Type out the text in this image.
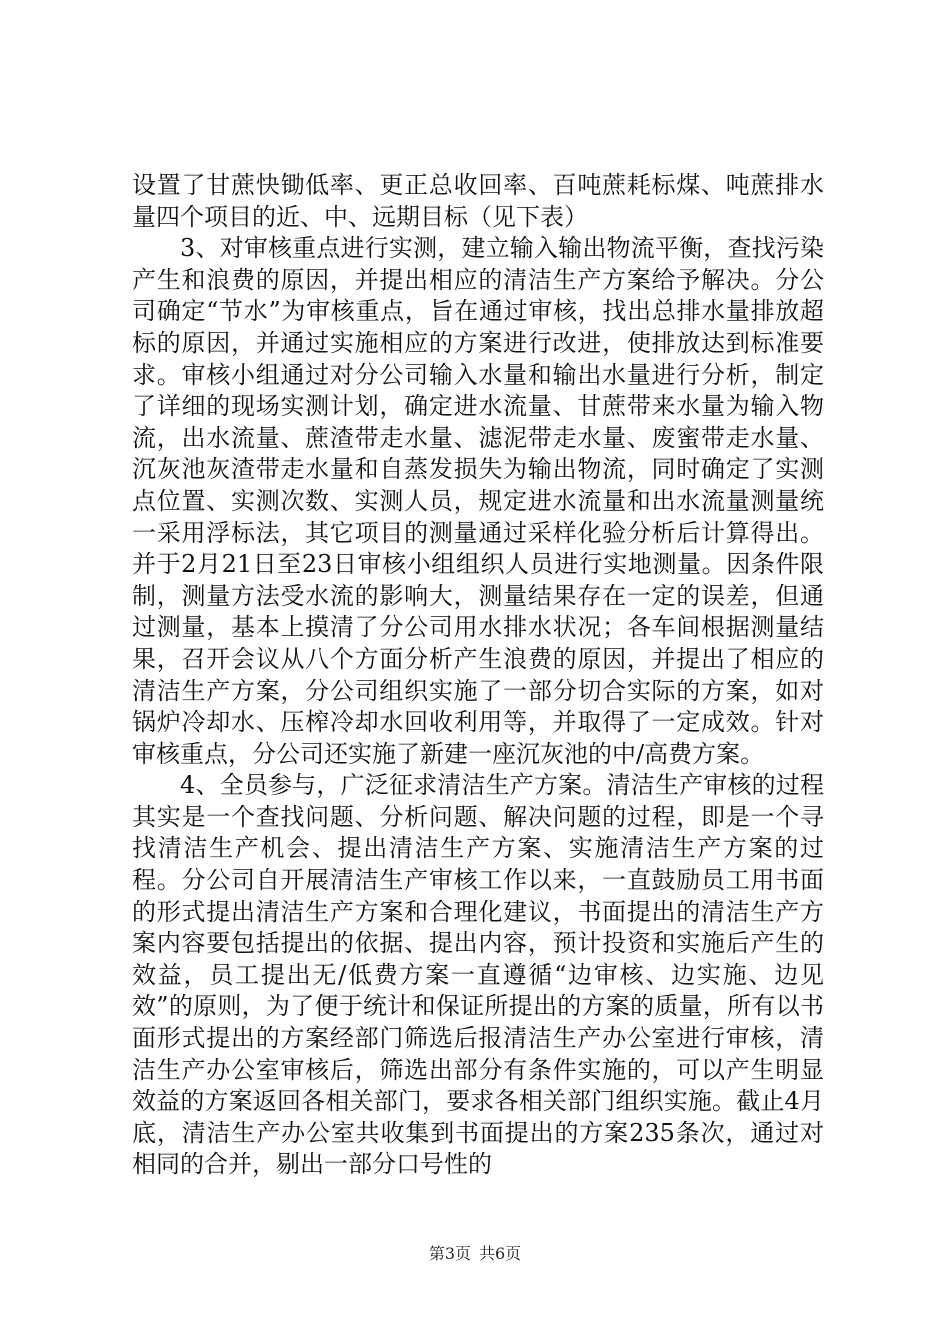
设置了甘蔗快锄低率、更正总收回率、百吨蔗耗标煤、吨蔗排水量四个项目的近、中、远期目标（见下表）

3、对审核重点进行实测，建立输入输出物流平衡，查找污染产生和浪费的原因，并提出相应的清洁生产方案给予解决。分公司确定“节水”为审核重点，旨在通过审核，找出总排水量排放超标的原因，并通过实施相应的方案进行改进，使排放达到标准要求。审核小组通过对分公司输入水量和输出水量进行分析，制定了详细的现场实测计划，确定进水流量、甘蔗带来水量为输入物流，出水流量、蔗渣带走水量、滤泥带走水量、废蜜带走水量、沉灰池灰渣带走水量和自蒸发损失为输出物流，同时确定了实测点位置、实测次数、实测人员，规定进水流量和出水流量测量统一采用浮标法，其它项目的测量通过采样化验分析后计算得出。并于2月21日至23日审核小组组织人员进行实地测量。因条件限制，测量方法受水流的影响大，测量结果存在一定的误差，但通过测量，基本上摸清了分公司用水排水状况；各车间根据测量结果，召开会议从八个方面分析产生浪费的原因，并提出了相应的清洁生产方案，分公司组织实施了一部分切合实际的方案，如对锅炉冷却水、压榨冷却水回收利用等，并取得了一定成效。针对审核重点，分公司还实施了新建一座沉灰池的中/高费方案。

4、全员参与，广泛征求清洁生产方案。清洁生产审核的过程其实是一个查找问题、分析问题、解决问题的过程，即是一个寻找清洁生产机会、提出清洁生产方案、实施清洁生产方案的过程。分公司自开展清洁生产审核工作以来，一直鼓励员工用书面的形式提出清洁生产方案和合理化建议，书面提出的清洁生产方案内容要包括提出的依据、提出内容，预计投资和实施后产生的效益，员工提出无/低费方案一直遵循“边审核、边实施、边见效”的原则，为了便于统计和保证所提出的方案的质量，所有以书面形式提出的方案经部门筛选后报清洁生产办公室进行审核，清洁生产办公室审核后，筛选出部分有条件实施的，可以产生明显效益的方案返回各相关部门，要求各相关部门组织实施。截止4月底，清洁生产办公室共收集到书面提出的方案235条次，通过对相同的合并，剔出一部分口号性的

第3页 共6页
